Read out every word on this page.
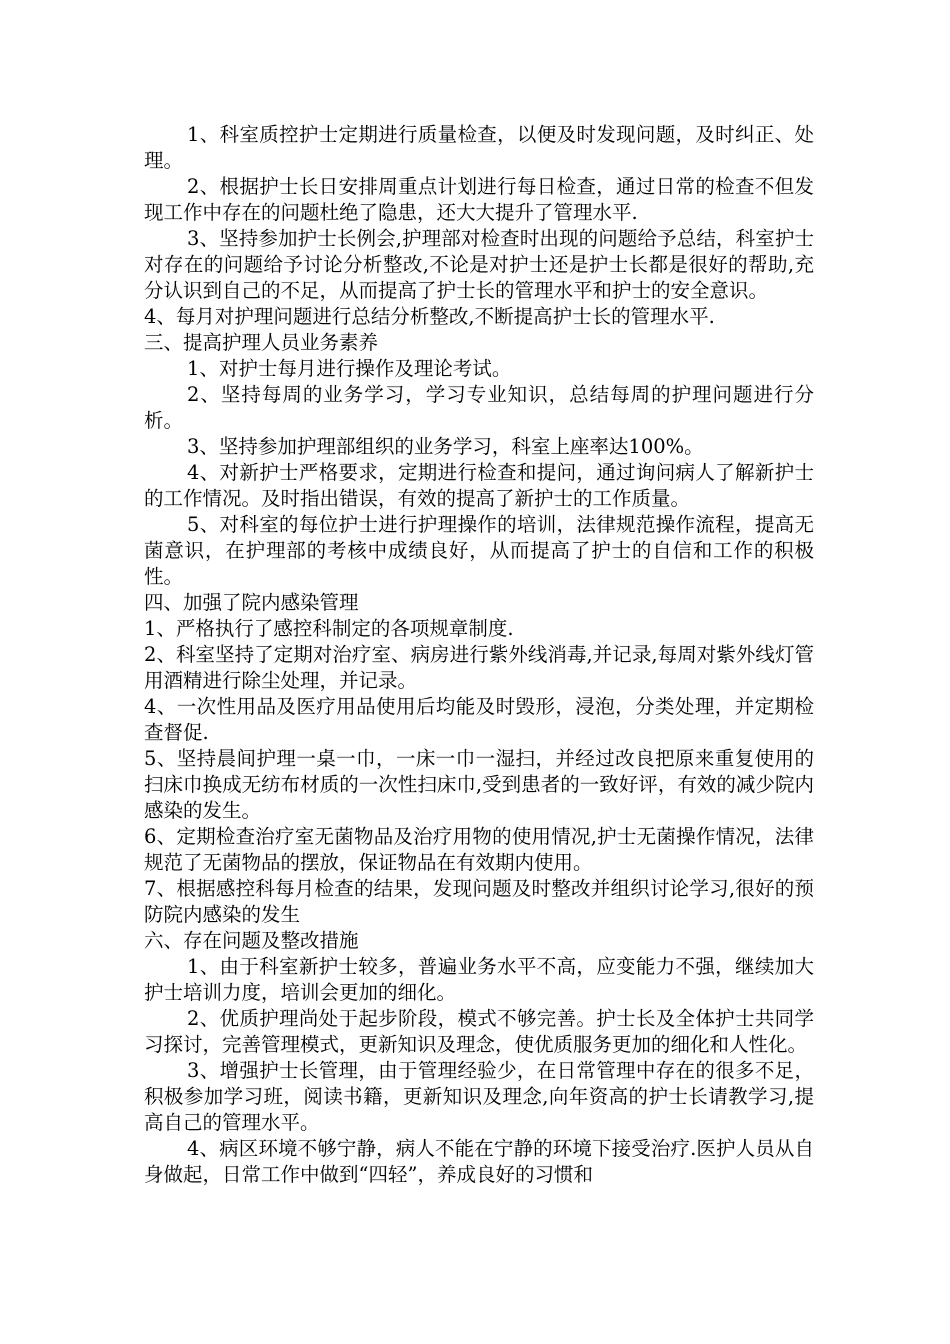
1、科室质控护士定期进行质量检查，以便及时发现问题，及时纠正、处理。

2、根据护士长日安排周重点计划进行每日检查，通过日常的检查不但发现工作中存在的问题杜绝了隐患，还大大提升了管理水平.

3、坚持参加护士长例会,护理部对检查时出现的问题给予总结，科室护士对存在的问题给予讨论分析整改,不论是对护士还是护士长都是很好的帮助,充分认识到自己的不足，从而提高了护士长的管理水平和护士的安全意识。

4、每月对护理问题进行总结分析整改,不断提高护士长的管理水平.

三、提高护理人员业务素养

1、对护士每月进行操作及理论考试。

2、坚持每周的业务学习，学习专业知识，总结每周的护理问题进行分析。

3、坚持参加护理部组织的业务学习，科室上座率达100%。

4、对新护士严格要求，定期进行检查和提问，通过询问病人了解新护士的工作情况。及时指出错误，有效的提高了新护士的工作质量。

5、对科室的每位护士进行护理操作的培训，法律规范操作流程，提高无菌意识，在护理部的考核中成绩良好，从而提高了护士的自信和工作的积极性。

四、加强了院内感染管理

1、严格执行了感控科制定的各项规章制度.

2、科室坚持了定期对治疗室、病房进行紫外线消毒,并记录,每周对紫外线灯管用酒精进行除尘处理，并记录。

4、一次性用品及医疗用品使用后均能及时毁形，浸泡，分类处理，并定期检查督促.

5、坚持晨间护理一桌一巾，一床一巾一湿扫，并经过改良把原来重复使用的扫床巾换成无纺布材质的一次性扫床巾,受到患者的一致好评，有效的减少院内感染的发生。

6、定期检查治疗室无菌物品及治疗用物的使用情况,护士无菌操作情况，法律规范了无菌物品的摆放，保证物品在有效期内使用。

7、根据感控科每月检查的结果，发现问题及时整改并组织讨论学习,很好的预防院内感染的发生

六、存在问题及整改措施

1、由于科室新护士较多，普遍业务水平不高，应变能力不强，继续加大护士培训力度，培训会更加的细化。

2、优质护理尚处于起步阶段，模式不够完善。护士长及全体护士共同学习探讨，完善管理模式，更新知识及理念，使优质服务更加的细化和人性化。

3、增强护士长管理，由于管理经验少，在日常管理中存在的很多不足，积极参加学习班，阅读书籍，更新知识及理念,向年资高的护士长请教学习,提高自己的管理水平。

4、病区环境不够宁静，病人不能在宁静的环境下接受治疗.医护人员从自身做起，日常工作中做到“四轻”，养成良好的习惯和
